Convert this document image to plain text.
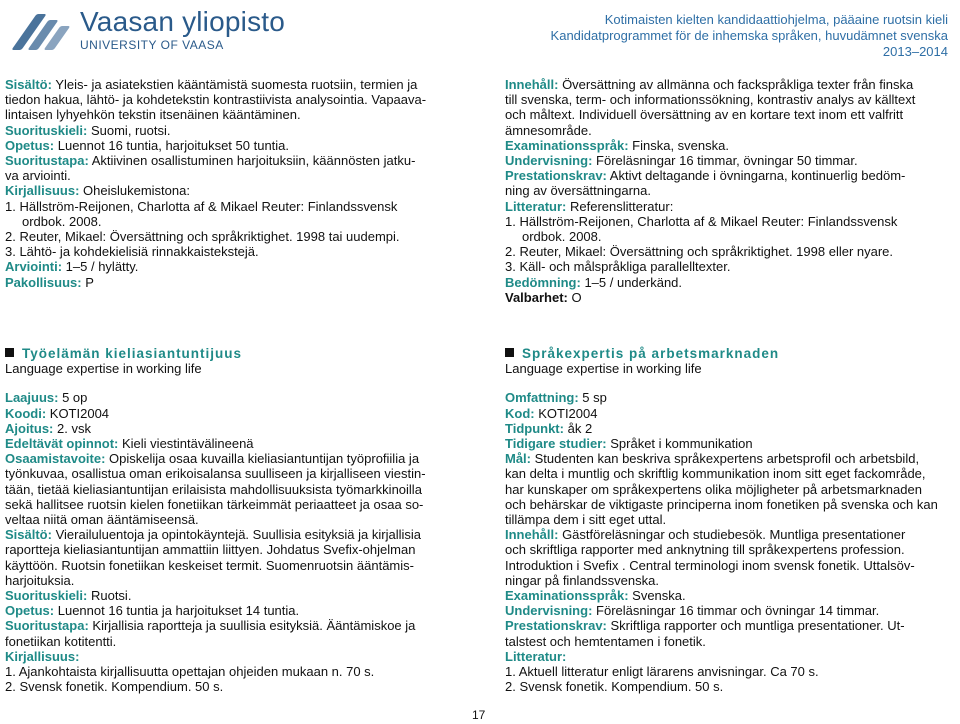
Vaasan yliopisto
UNIVERSITY OF VAASA
Kotimaisten kielten kandidaattiohjelma, pääaine ruotsin kieli
Kandidatprogrammet för de inhemska språken, huvudämnet svenska
2013–2014

Sisältö: Yleis- ja asiatekstien kääntämistä suomesta ruotsiin, termien ja

tiedon hakua, lähtö- ja kohdetekstin kontrastiivista analysointia. Vapaava-

lintaisen lyhyehkön tekstin itsenäinen kääntäminen.

Suorituskieli: Suomi, ruotsi.

Opetus: Luennot 16 tuntia, harjoitukset 50 tuntia.

Suoritustapa: Aktiivinen osallistuminen harjoituksiin, käännösten jatku-

va arviointi.

Kirjallisuus: Oheislukemistona:

1. Hällström-Reijonen, Charlotta af & Mikael Reuter: Finlandssvensk

ordbok. 2008.

2. Reuter, Mikael: Översättning och språkriktighet. 1998 tai uudempi.

3. Lähtö- ja kohdekielisiä rinnakkaistekstejä.

Arviointi: 1–5 / hylätty.

Pakollisuus: P

Innehåll: Översättning av allmänna och fackspråkliga texter från finska

till svenska, term- och informationssökning, kontrastiv analys av källtext

och måltext. Individuell översättning av en kortare text inom ett valfritt

ämnesområde.

Examinationsspråk: Finska, svenska.

Undervisning: Föreläsningar 16 timmar, övningar 50 timmar.

Prestationskrav: Aktivt deltagande i övningarna, kontinuerlig bedöm-

ning av översättningarna.

Litteratur: Referenslitteratur:

1. Hällström-Reijonen, Charlotta af & Mikael Reuter: Finlandssvensk

ordbok. 2008.

2. Reuter, Mikael: Översättning och språkriktighet. 1998 eller nyare.

3. Käll- och målspråkliga parallelltexter.

Bedömning: 1–5 / underkänd.

Valbarhet: O

Työelämän kieliasiantuntijuus

Language expertise in working life

Laajuus: 5 op

Koodi: KOTI2004

Ajoitus: 2. vsk

Edeltävät opinnot: Kieli viestintävälineenä

Osaamistavoite: Opiskelija osaa kuvailla kieliasiantuntijan työprofiilia ja

työnkuvaa, osallistua oman erikoisalansa suulliseen ja kirjalliseen viestin-

tään, tietää kieliasiantuntijan erilaisista mahdollisuuksista työmarkkinoilla

sekä hallitsee ruotsin kielen fonetiikan tärkeimmät periaatteet ja osaa so-

veltaa niitä oman ääntämiseensä.

Sisältö: Vierailuluentoja ja opintokäyntejä. Suullisia esityksiä ja kirjallisia

raportteja kieliasiantuntijan ammattiin liittyen. Johdatus Svefix-ohjelman

käyttöön. Ruotsin fonetiikan keskeiset termit. Suomenruotsin ääntämis-

harjoituksia.

Suorituskieli: Ruotsi.

Opetus: Luennot 16 tuntia ja harjoitukset 14 tuntia.

Suoritustapa: Kirjallisia raportteja ja suullisia esityksiä. Ääntämiskoe ja

fonetiikan kotitentti.

Kirjallisuus:

1. Ajankohtaista kirjallisuutta opettajan ohjeiden mukaan n. 70 s.

2. Svensk fonetik. Kompendium. 50 s.

Språkexpertis på arbetsmarknaden

Language expertise in working life

Omfattning: 5 sp

Kod: KOTI2004

Tidpunkt: åk 2

Tidigare studier: Språket i kommunikation

Mål: Studenten kan beskriva språkexpertens arbetsprofil och arbetsbild,

kan delta i muntlig och skriftlig kommunikation inom sitt eget fackområde,

har kunskaper om språkexpertens olika möjligheter på arbetsmarknaden

och behärskar de viktigaste principerna inom fonetiken på svenska och kan

tillämpa dem i sitt eget uttal.

Innehåll: Gästföreläsningar och studiebesök. Muntliga presentationer

och skriftliga rapporter med anknytning till språkexpertens profession.

Introduktion i Svefix . Central terminologi inom svensk fonetik. Uttalsöv-

ningar på finlandssvenska.

Examinationsspråk: Svenska.

Undervisning: Föreläsningar 16 timmar och övningar 14 timmar.

Prestationskrav: Skriftliga rapporter och muntliga presentationer. Ut-

talstest och hemtentamen i fonetik.

Litteratur:

1. Aktuell litteratur enligt lärarens anvisningar. Ca 70 s.

2. Svensk fonetik. Kompendium. 50 s.

17
